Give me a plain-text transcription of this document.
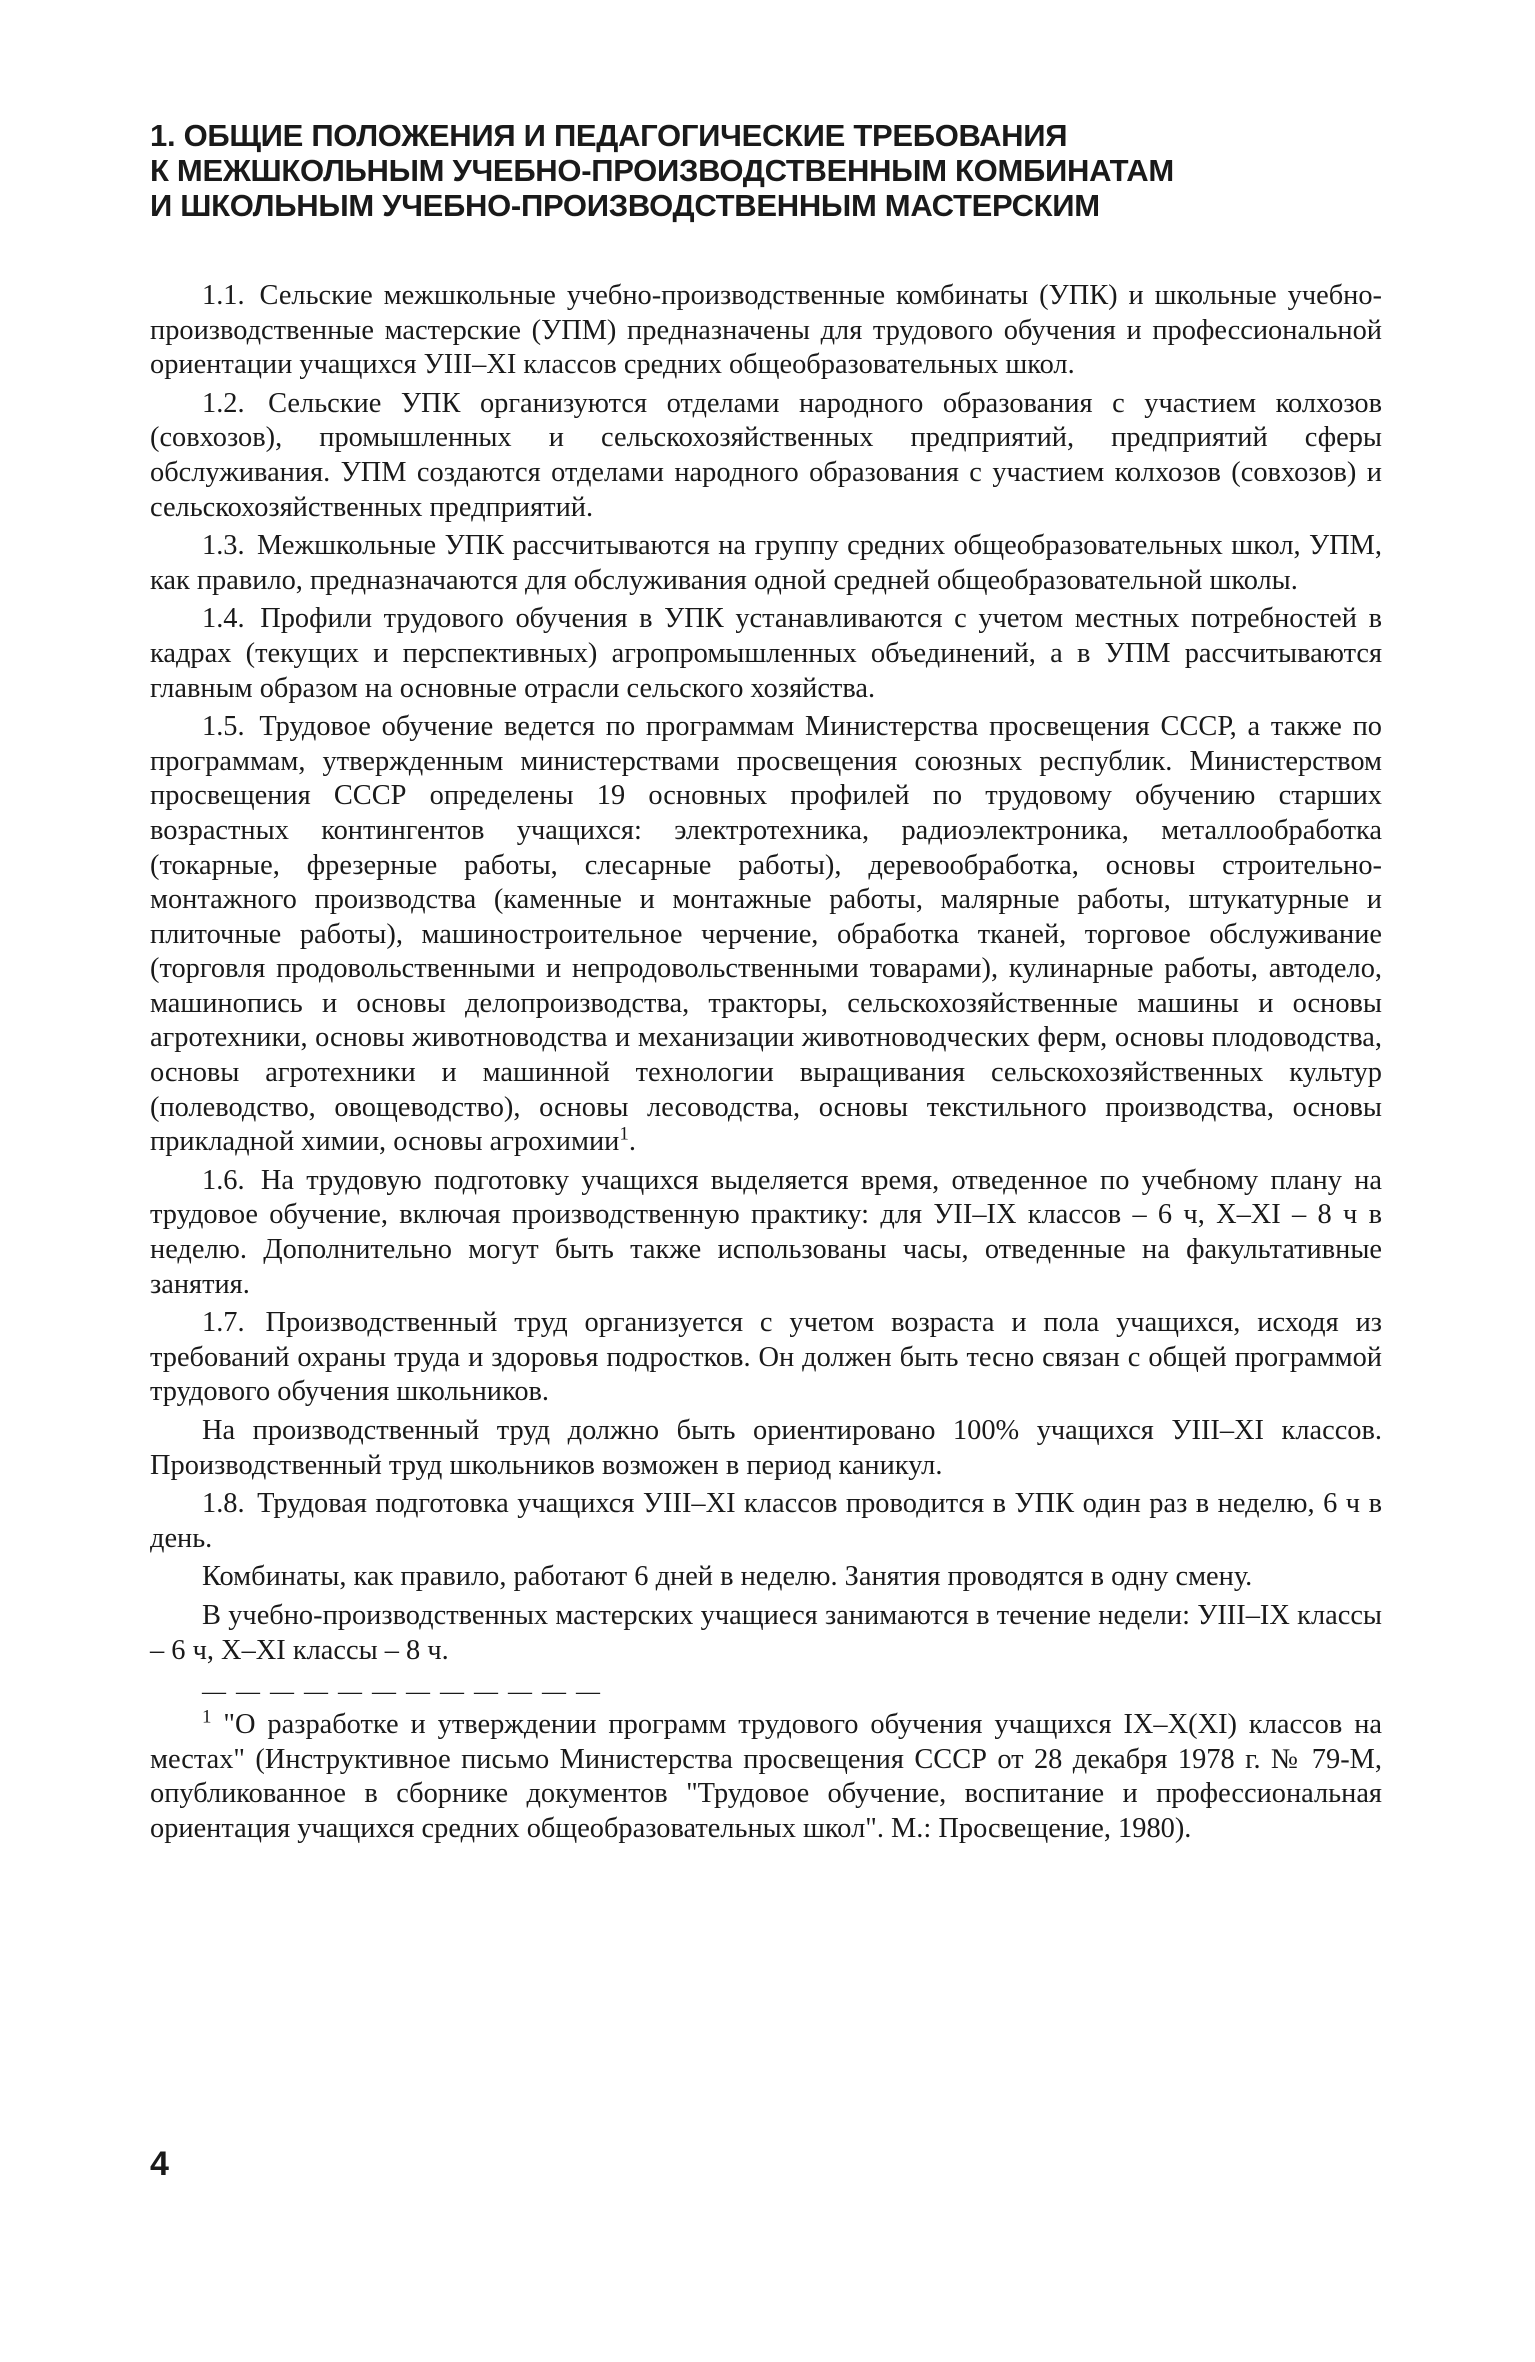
1. ОБЩИЕ ПОЛОЖЕНИЯ И ПЕДАГОГИЧЕСКИЕ ТРЕБОВАНИЯ
К МЕЖШКОЛЬНЫМ УЧЕБНО-ПРОИЗВОДСТВЕННЫМ КОМБИНАТАМ
И ШКОЛЬНЫМ УЧЕБНО-ПРОИЗВОДСТВЕННЫМ МАСТЕРСКИМ

1.1. Сельские межшкольные учебно-производственные комбинаты (УПК) и школьные учебно-производственные мастерские (УПМ) предназначены для трудового обучения и профессиональной ориентации учащихся УIII–XI классов средних общеобразовательных школ.

1.2. Сельские УПК организуются отделами народного образования с участием колхозов (совхозов), промышленных и сельскохозяйственных предприятий, предприятий сферы обслуживания. УПМ создаются отделами народного образования с участием колхозов (совхозов) и сельскохозяйственных предприятий.

1.3. Межшкольные УПК рассчитываются на группу средних общеобразовательных школ, УПМ, как правило, предназначаются для обслуживания одной средней общеобразовательной школы.

1.4. Профили трудового обучения в УПК устанавливаются с учетом местных потребностей в кадрах (текущих и перспективных) агропромышленных объединений, а в УПМ рассчитываются главным образом на основные отрасли сельского хозяйства.

1.5. Трудовое обучение ведется по программам Министерства просвещения СССР, а также по программам, утвержденным министерствами просвещения союзных республик. Министерством просвещения СССР определены 19 основных профилей по трудовому обучению старших возрастных контингентов учащихся: электротехника, радиоэлектроника, металлообработка (токарные, фрезерные работы, слесарные работы), деревообработка, основы строительно-монтажного производства (каменные и монтажные работы, малярные работы, штукатурные и плиточные работы), машиностроительное черчение, обработка тканей, торговое обслуживание (торговля продовольственными и непродовольственными товарами), кулинарные работы, автодело, машинопись и основы делопроизводства, тракторы, сельскохозяйственные машины и основы агротехники, основы животноводства и механизации животноводческих ферм, основы плодоводства, основы агротехники и машинной технологии выращивания сельскохозяйственных культур (полеводство, овощеводство), основы лесоводства, основы текстильного производства, основы прикладной химии, основы агрохимии$^1$.

1.6. На трудовую подготовку учащихся выделяется время, отведенное по учебному плану на трудовое обучение, включая производственную практику: для УII–IX классов – 6 ч, X–XI – 8 ч в неделю. Дополнительно могут быть также использованы часы, отведенные на факультативные занятия.

1.7. Производственный труд организуется с учетом возраста и пола учащихся, исходя из требований охраны труда и здоровья подростков. Он должен быть тесно связан с общей программой трудового обучения школьников.

На производственный труд должно быть ориентировано 100% учащихся УIII–XI классов. Производственный труд школьников возможен в период каникул.

1.8. Трудовая подготовка учащихся УIII–XI классов проводится в УПК один раз в неделю, 6 ч в день.

Комбинаты, как правило, работают 6 дней в неделю. Занятия проводятся в одну смену.

В учебно-производственных мастерских учащиеся занимаются в течение недели: УIII–IX классы – 6 ч, X–XI классы – 8 ч.

— — — — — — — — — — — —
$^1$ "О разработке и утверждении программ трудового обучения учащихся IX–X(XI) классов на местах" (Инструктивное письмо Министерства просвещения СССР от 28 декабря 1978 г. № 79-М, опубликованное в сборнике документов "Трудовое обучение, воспитание и профессиональная ориентация учащихся средних общеобразовательных школ". М.: Просвещение, 1980).
4
